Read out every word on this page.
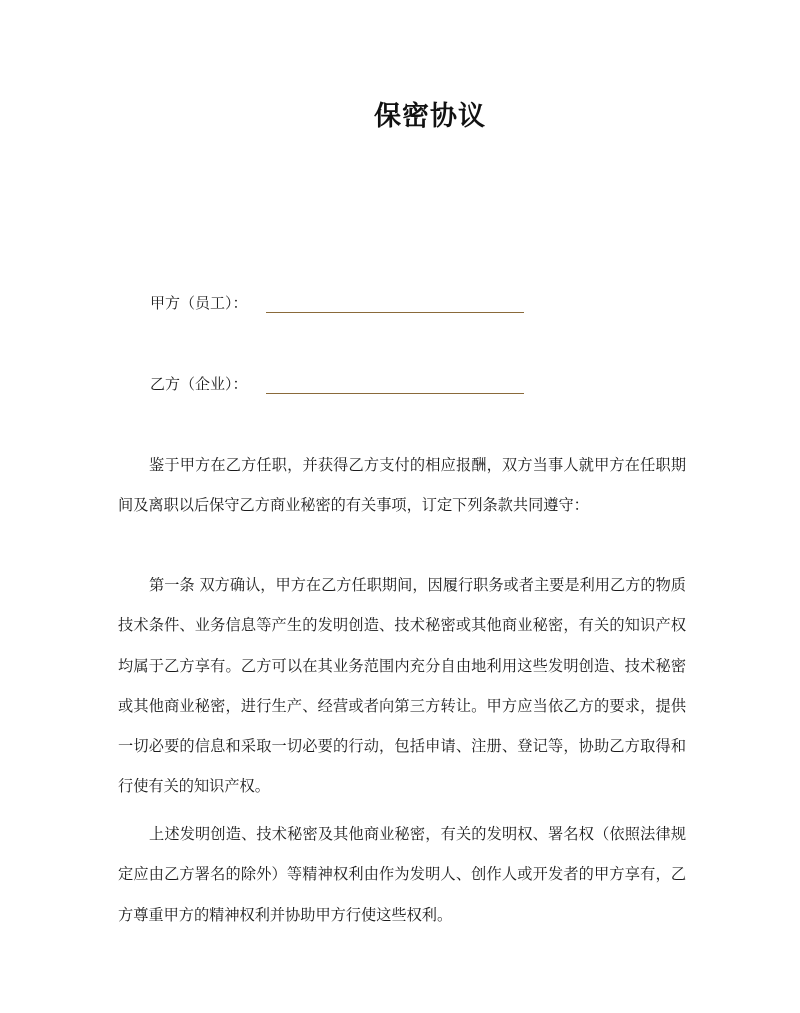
保密协议
甲方（员工）：
乙方（企业）：

鉴于甲方在乙方任职，并获得乙方支付的相应报酬，双方当事人就甲方在任职期间及离职以后保守乙方商业秘密的有关事项，订定下列条款共同遵守：

第一条 双方确认，甲方在乙方任职期间，因履行职务或者主要是利用乙方的物质技术条件、业务信息等产生的发明创造、技术秘密或其他商业秘密，有关的知识产权均属于乙方享有。乙方可以在其业务范围内充分自由地利用这些发明创造、技术秘密或其他商业秘密，进行生产、经营或者向第三方转让。甲方应当依乙方的要求，提供一切必要的信息和采取一切必要的行动，包括申请、注册、登记等，协助乙方取得和行使有关的知识产权。

上述发明创造、技术秘密及其他商业秘密，有关的发明权、署名权（依照法律规定应由乙方署名的除外）等精神权利由作为发明人、创作人或开发者的甲方享有，乙方尊重甲方的精神权利并协助甲方行使这些权利。
